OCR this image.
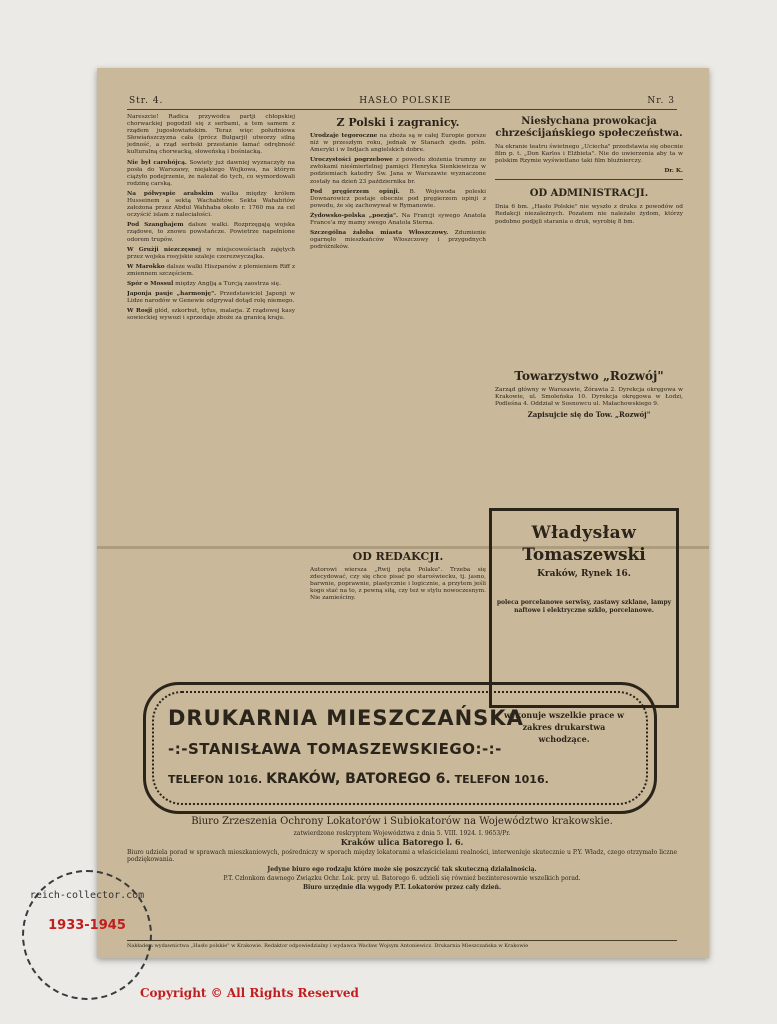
Str. 4.	HASŁO POLSKIE	Nr. 3

Nareszcie! Radica przywódca partji chłopskiej chorwackiej pogodził się z serbami, a tem samem z rządem jugosłowiańskim. Teraz więc południowa Słowiańszczyzna cała (prócz Bułgarji) utworzy silną jedność, a rząd serbski przestanie łamać odrębność kulturalną chorwacką, słoweńską i bośniacką.

Nie był carobójcą. Sowiety już dawniej wyznaczyły na posła do Warszawy, niejakiego Wojkowa, na którym ciążyło podejrzenie, że należał do tych, co wymordowali rodzinę carską.

Na półwyspie arabskim walka między królem Husseinem a sektą Wachabitów. Sekta Wahabitów założona przez Abdul Wahhaba około r. 1760 ma za cel oczyścić islam z naleciałości.

Pod Szanghajem dalsze walki. Rozprzęgają wojska rządowe, to znowu powstańcze. Powietrze napełnione odorem trupów.

W Grużji niezczęsnej w miejscowościach zajętych przez wojska rosyjskie szaleje czerezwyczajka.

W Marokko dalsze walki Hiszpanów z plemieniem Riff z zmiennem szczęściem.

Spór o Mossul między Anglją a Turcją zaostrza się.

Japonja pauje „harmonję". Przedstawiciel Japonji w Lidze narodów w Genewie odgrywał dotąd rolę niemego.

W Rosji głód, szkorbut, tyfus, malarja. Z rządowej kasy sowieckiej wywozi i sprzedaje zboże za granicą kraju.

Z Polski i zagranicy.

Urodzaje tegoroczne na zboża są w całej Europie gorsze niż w przeszłym roku, jednak w Stanach zjedn. póln. Ameryki i w Indjach angielskich dobre.

Uroczystości pogrzebowe z powodu złożenia trumny ze zwłokami nieśmiertelnej pamięci Henryka Sienkiewicza w podziemiach katedry Św. Jana w Warszawie wyznaczone zostały na dzień 23 października br.

Pod pręgierzem opinji. B. Wojewoda poleski Downarowicz postaje obecnie pod pręgierzem opinji z powodu, że się zachowywał w Rymanowie.

Żydowsko-polska „poezja". Na Francji sywego Anatola France'a my mamy swego Anatola Sterna.

Szczególna żałoba miasta Włoszczowy. Zdumienie ogarnęło mieszkańców Włoszczowy i przygodnych podróżników.

Niesłychana prowokacja chrześcijańskiego społeczeństwa.

Na ekranie teatru świetnego „Uciecha" przedstawia się obecnie film p. t. „Don Karlos i Elżbieta". Nie do uwierzenia aby ta w polskim Rzymie wyświetlano taki film bluźnierczy.

Dr. K.

OD ADMINISTRACJI.

Dnia 6 bm. „Hasło Polskie" nie wyszło z druku z powodów od Redakcji niezależnych. Pozatem nie należało żydom, którzy podobno podjęli starania o druk, wyrobię 8 bm.

Towarzystwo „Rozwój"

Zarząd główny w Warszawie, Żórawia 2. Dyrekcja okręgowa w Krakowie, ul. Smoleńska 10. Dyrekcja okręgowa w Łodzi, Podleśna 4. Oddział w Sosnowcu ul. Małachowskiego 9.

Zapisujcie się do Tow. „Rozwój"

OD REDAKCJI.

Autorowi wiersza „Rwij pęta Polaku". Trzeba się zdecydować, czy się chce pisać po staroświecku, tj. jasno, barwnie, poprawnie, plastycznie i logicznie, a przytem jeśli kogo stać na to, z pewną siłą, czy też w stylu nowoczesnym. Nie zamieściny.

Władysław
Tomaszewski
Kraków, Rynek 16.
poleca porcelanowe serwisy, zastawy szklane, lampy naftowe i elektryczne szkło, porcelanowe.
DRUKARNIA MIESZCZAŃSKA
-:-STANISŁAWA TOMASZEWSKIEGO:-:-
TELEFON 1016. KRAKÓW, BATOREGO 6. TELEFON 1016.
wykonuje wszelkie prace w zakres drukarstwa wchodzące.

Biuro Zrzeszenia Ochrony Lokatorów i Subiokatorów na Województwo krakowskie.

zatwierdzone reskryptem Województwa z dnia 5. VIII. 1924. I. 9653/Pr.

Kraków ulica Batorego l. 6.

Biuro udziela porad w sprawach mieszkaniowych, pośredniczy w sporach między lokatorami a właścicielami realności, interweniuje skutecznie u P.Y. Władz, czego otrzymało liczne podziękowania.

Jedyne biuro ego rodzaju które może się poszczycić tak skuteczną działalnością.

P.T. Członkom dawnego Związku Ochr. Lok. przy ul. Batorego 6. udzieli się również bezinteresownie wszelkich porad.

Biuro urzędnie dla wygody P.T. Lokatorów przez cały dzień.

Nakładem wydawnictwa „Hasło polskie" w Krakowie. Redaktor odpowiedzialny i wydawca Wacław Wojsym Antoniewicz. Drukarnia Mieszczańska w Krakowie
reich-collector.com
1933-1945
Copyright © All Rights Reserved
